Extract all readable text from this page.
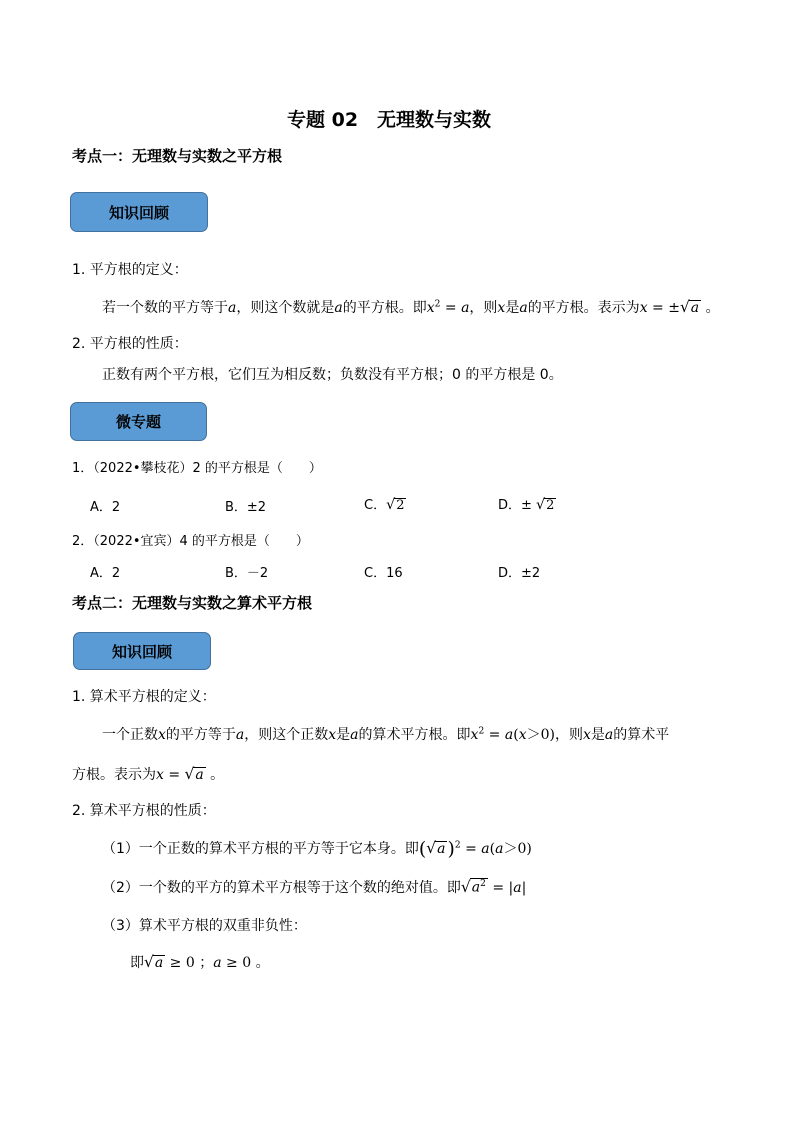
专题 02　无理数与实数
考点一：无理数与实数之平方根
知识回顾
1. 平方根的定义：
若一个数的平方等于a，则这个数就是a的平方根。即$x^2 = a$，则x是a的平方根。表示为x = ±√a 。
2. 平方根的性质：
正数有两个平方根，它们互为相反数；负数没有平方根；0 的平方根是 0。
微专题
1．（2022•攀枝花）2 的平方根是（　　）
A．2	B．±2	C．√2	D．± √2
2．（2022•宜宾）4 的平方根是（　　）
A．2	B．－2	C．16	D．±2
考点二：无理数与实数之算术平方根
知识回顾
1. 算术平方根的定义：
一个正数x的平方等于a，则这个正数x是a的算术平方根。即$x^2 = a(x>0)$，则x是a的算术平
方根。表示为x = √a 。
2. 算术平方根的性质：
（1）一个正数的算术平方根的平方等于它本身。即(√a )$^2$ = a(a＞0)
（2）一个数的平方的算术平方根等于这个数的绝对值。即$√a^2 = |a|$
（3）算术平方根的双重非负性：
即√a ≥ 0 ；a ≥ 0 。
